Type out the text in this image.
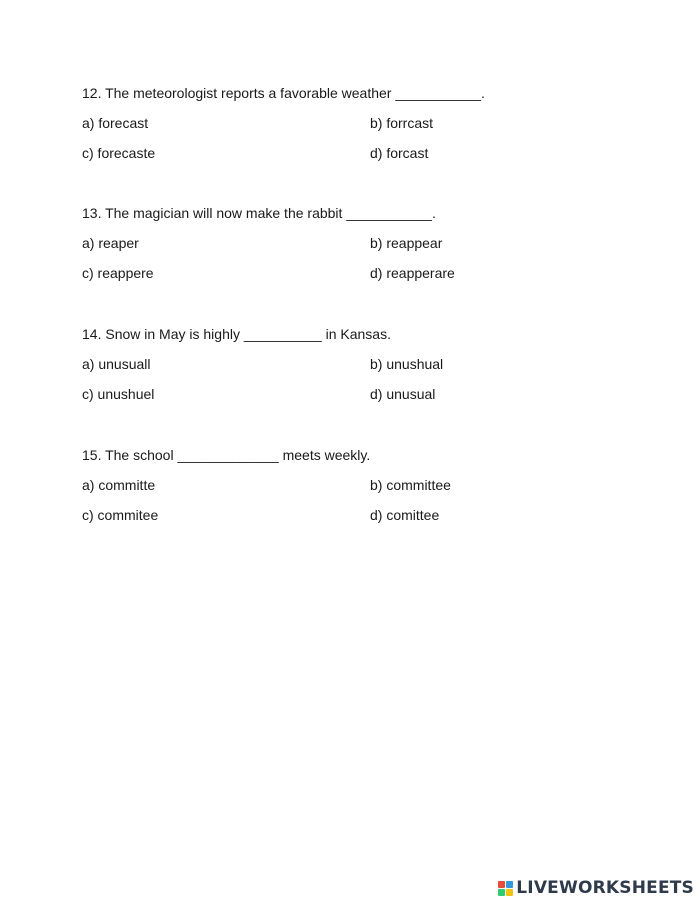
12. The meteorologist reports a favorable weather ___________.
a) forecast	b) forrcast
c) forecaste	d) forcast
13. The magician will now make the rabbit ___________.
a) reaper	b) reappear
c) reappere	d) reapperare
14. Snow in May is highly __________ in Kansas.
a) unusuall	b) unushual
c) unushuel	d) unusual
15. The school _____________ meets weekly.
a) committe	b) committee
c) commitee	d) comittee
LIVEWORKSHEETS
